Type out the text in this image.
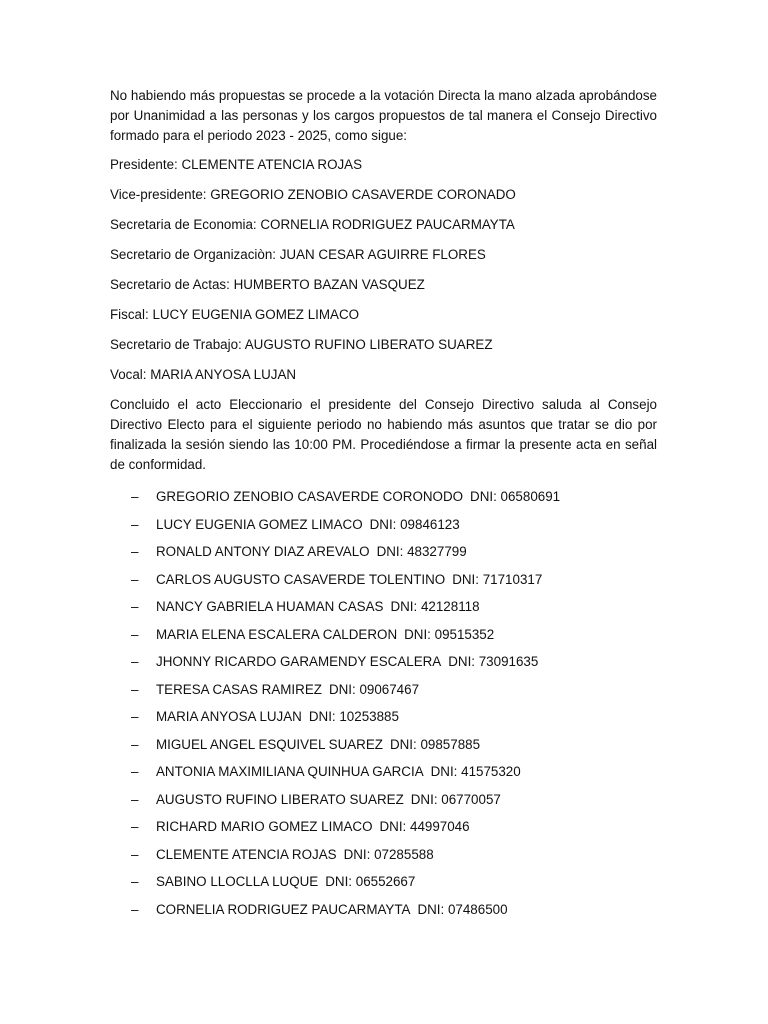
No habiendo más propuestas se procede a la votación Directa la mano alzada aprobándose por Unanimidad a las personas y los cargos propuestos de tal manera el Consejo Directivo formado para el periodo 2023 - 2025, como sigue:

Presidente: CLEMENTE ATENCIA ROJAS

Vice-presidente: GREGORIO ZENOBIO CASAVERDE CORONADO

Secretaria de Economia: CORNELIA RODRIGUEZ PAUCARMAYTA

Secretario de Organizaciòn: JUAN CESAR AGUIRRE FLORES

Secretario de Actas: HUMBERTO BAZAN VASQUEZ

Fiscal: LUCY EUGENIA GOMEZ LIMACO

Secretario de Trabajo: AUGUSTO RUFINO LIBERATO SUAREZ

Vocal: MARIA ANYOSA LUJAN

Concluido el acto Eleccionario el presidente del Consejo Directivo saluda al Consejo Directivo Electo para el siguiente periodo no habiendo más asuntos que tratar se dio por finalizada la sesión siendo las 10:00 PM. Procediéndose a firmar la presente acta en señal de conformidad.

– GREGORIO ZENOBIO CASAVERDE CORONODO DNI: 06580691
– LUCY EUGENIA GOMEZ LIMACO DNI: 09846123
– RONALD ANTONY DIAZ AREVALO DNI: 48327799
– CARLOS AUGUSTO CASAVERDE TOLENTINO DNI: 71710317
– NANCY GABRIELA HUAMAN CASAS DNI: 42128118
– MARIA ELENA ESCALERA CALDERON DNI: 09515352
– JHONNY RICARDO GARAMENDY ESCALERA DNI: 73091635
– TERESA CASAS RAMIREZ DNI: 09067467
– MARIA ANYOSA LUJAN DNI: 10253885
– MIGUEL ANGEL ESQUIVEL SUAREZ DNI: 09857885
– ANTONIA MAXIMILIANA QUINHUA GARCIA DNI: 41575320
– AUGUSTO RUFINO LIBERATO SUAREZ DNI: 06770057
– RICHARD MARIO GOMEZ LIMACO DNI: 44997046
– CLEMENTE ATENCIA ROJAS DNI: 07285588
– SABINO LLOCLLA LUQUE DNI: 06552667
– CORNELIA RODRIGUEZ PAUCARMAYTA DNI: 07486500
